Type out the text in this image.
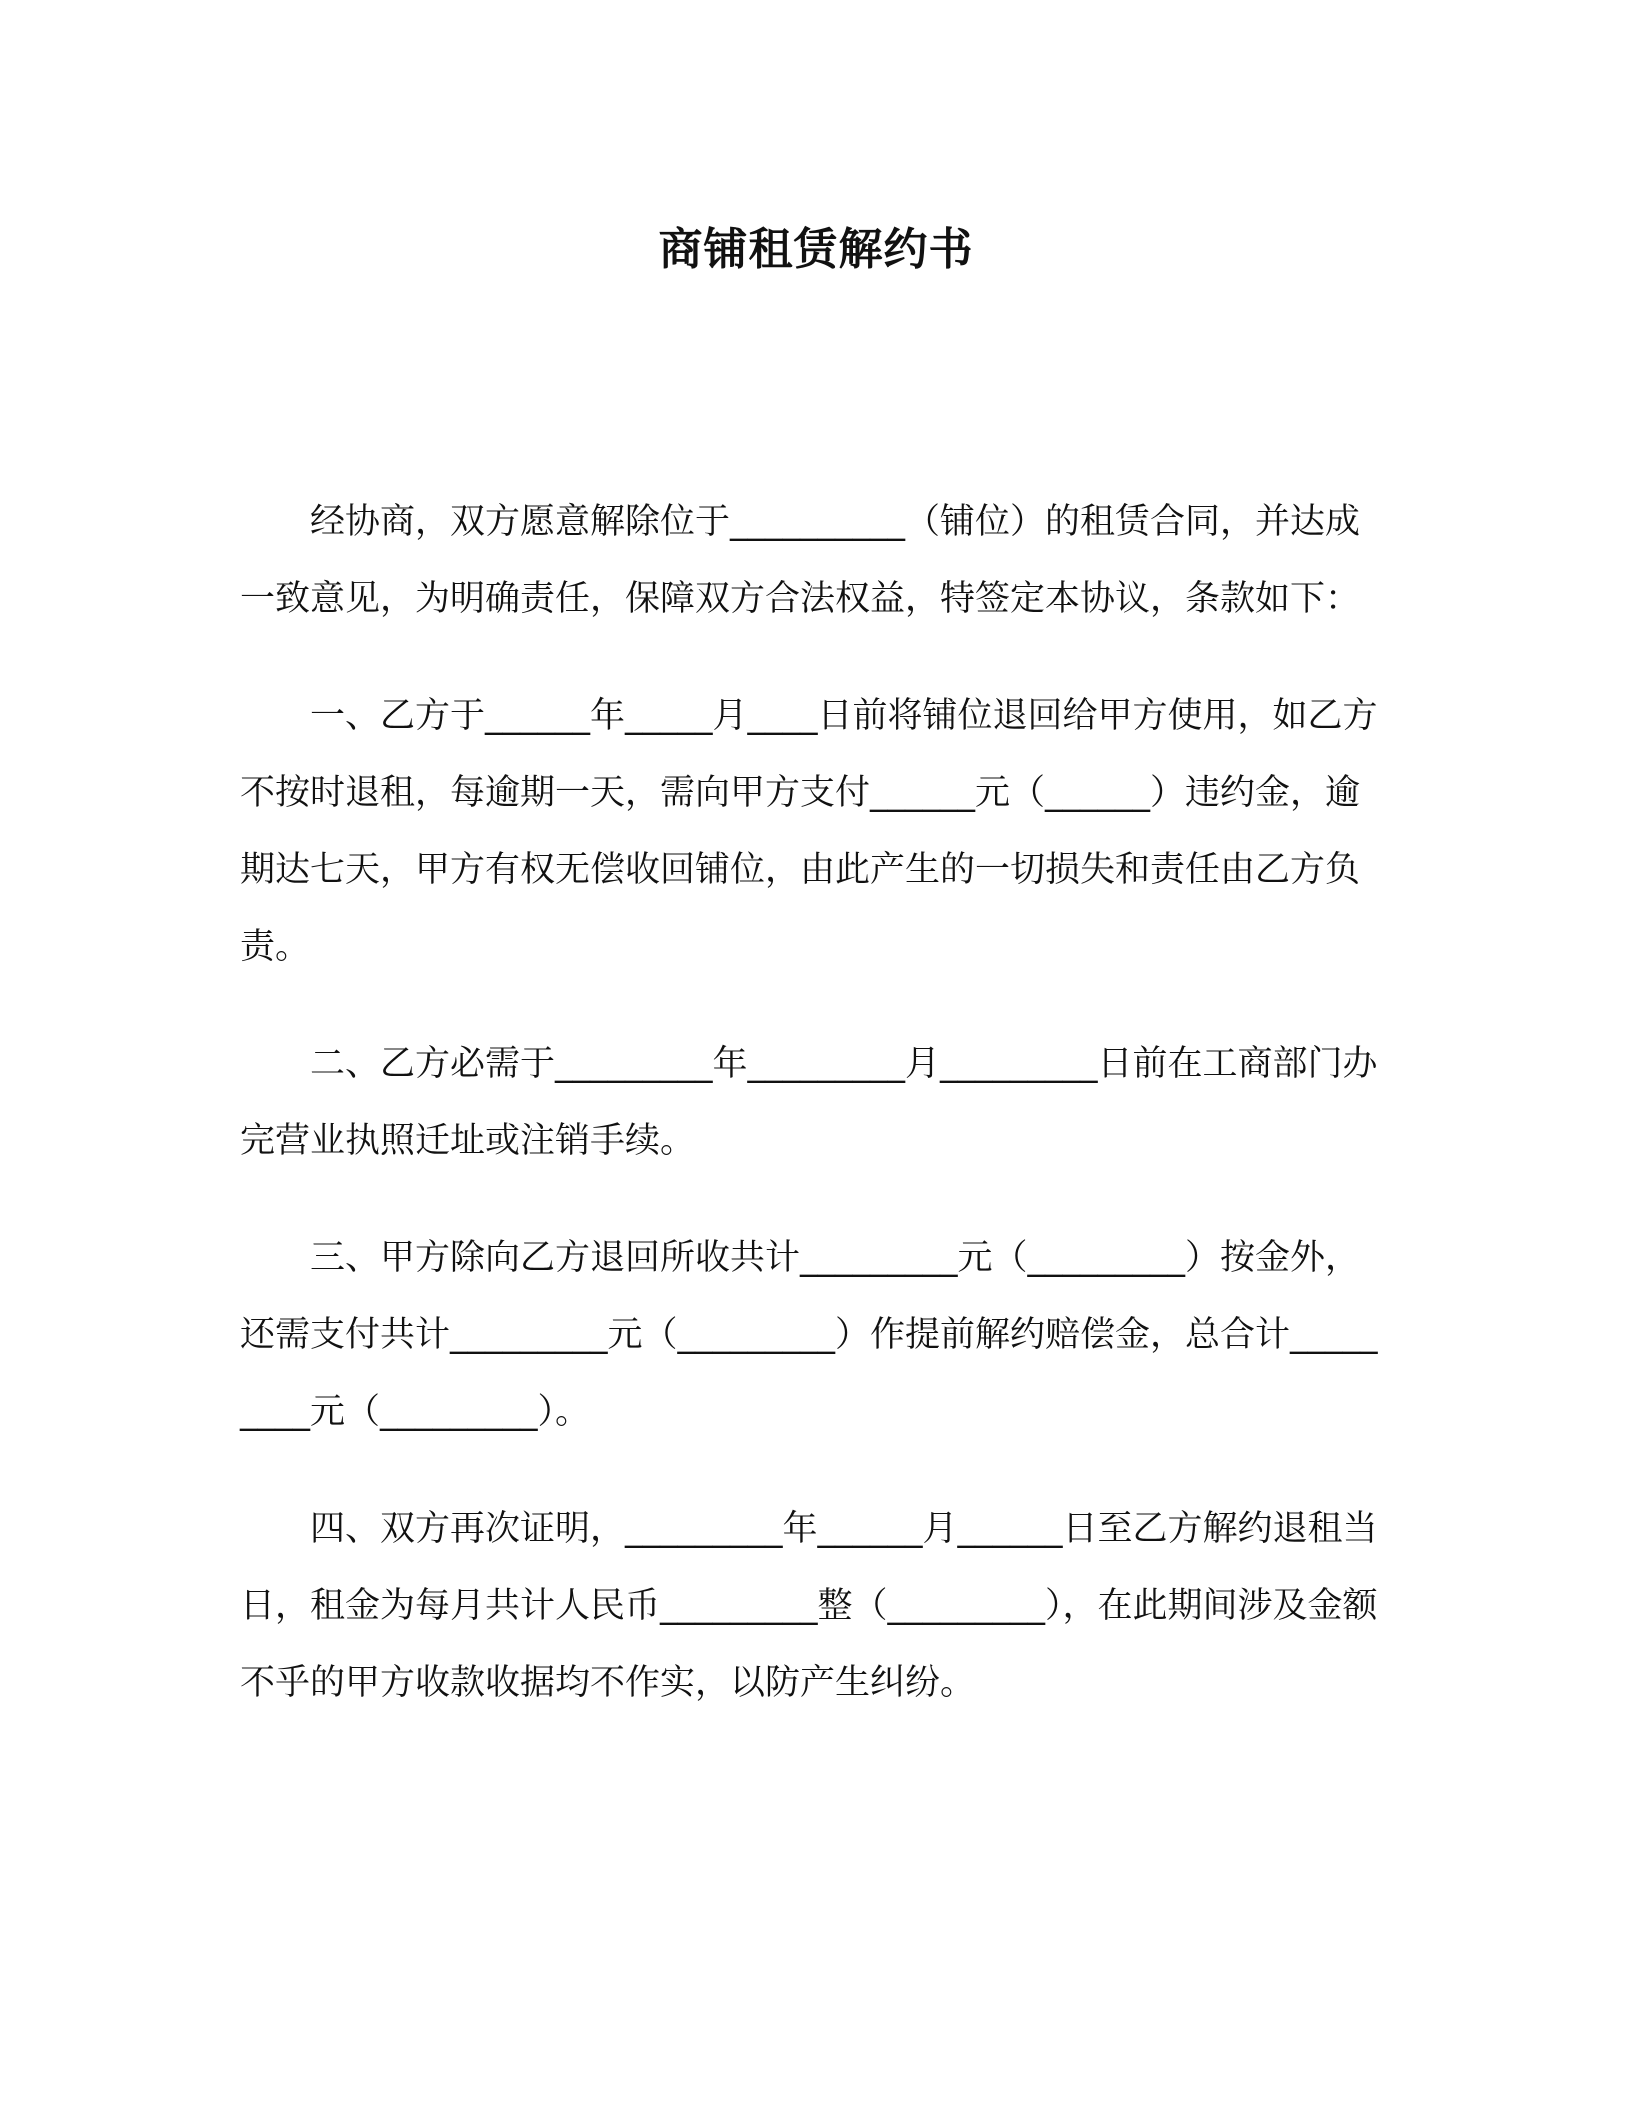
商铺租赁解约书

　　经协商，双方愿意解除位于__________（铺位）的租赁合同，并达成一致意见，为明确责任，保障双方合法权益，特签定本协议，条款如下：

　　一、乙方于______年_____月____日前将铺位退回给甲方使用，如乙方不按时退租，每逾期一天，需向甲方支付______元（______）违约金，逾期达七天，甲方有权无偿收回铺位，由此产生的一切损失和责任由乙方负责。

　　二、乙方必需于_________年_________月_________日前在工商部门办完营业执照迁址或注销手续。

　　三、甲方除向乙方退回所收共计_________元（_________）按金外，还需支付共计_________元（_________）作提前解约赔偿金，总合计_________元（_________）。

　　四、双方再次证明，_________年______月______日至乙方解约退租当日，租金为每月共计人民币_________整（_________），在此期间涉及金额不乎的甲方收款收据均不作实，以防产生纠纷。
